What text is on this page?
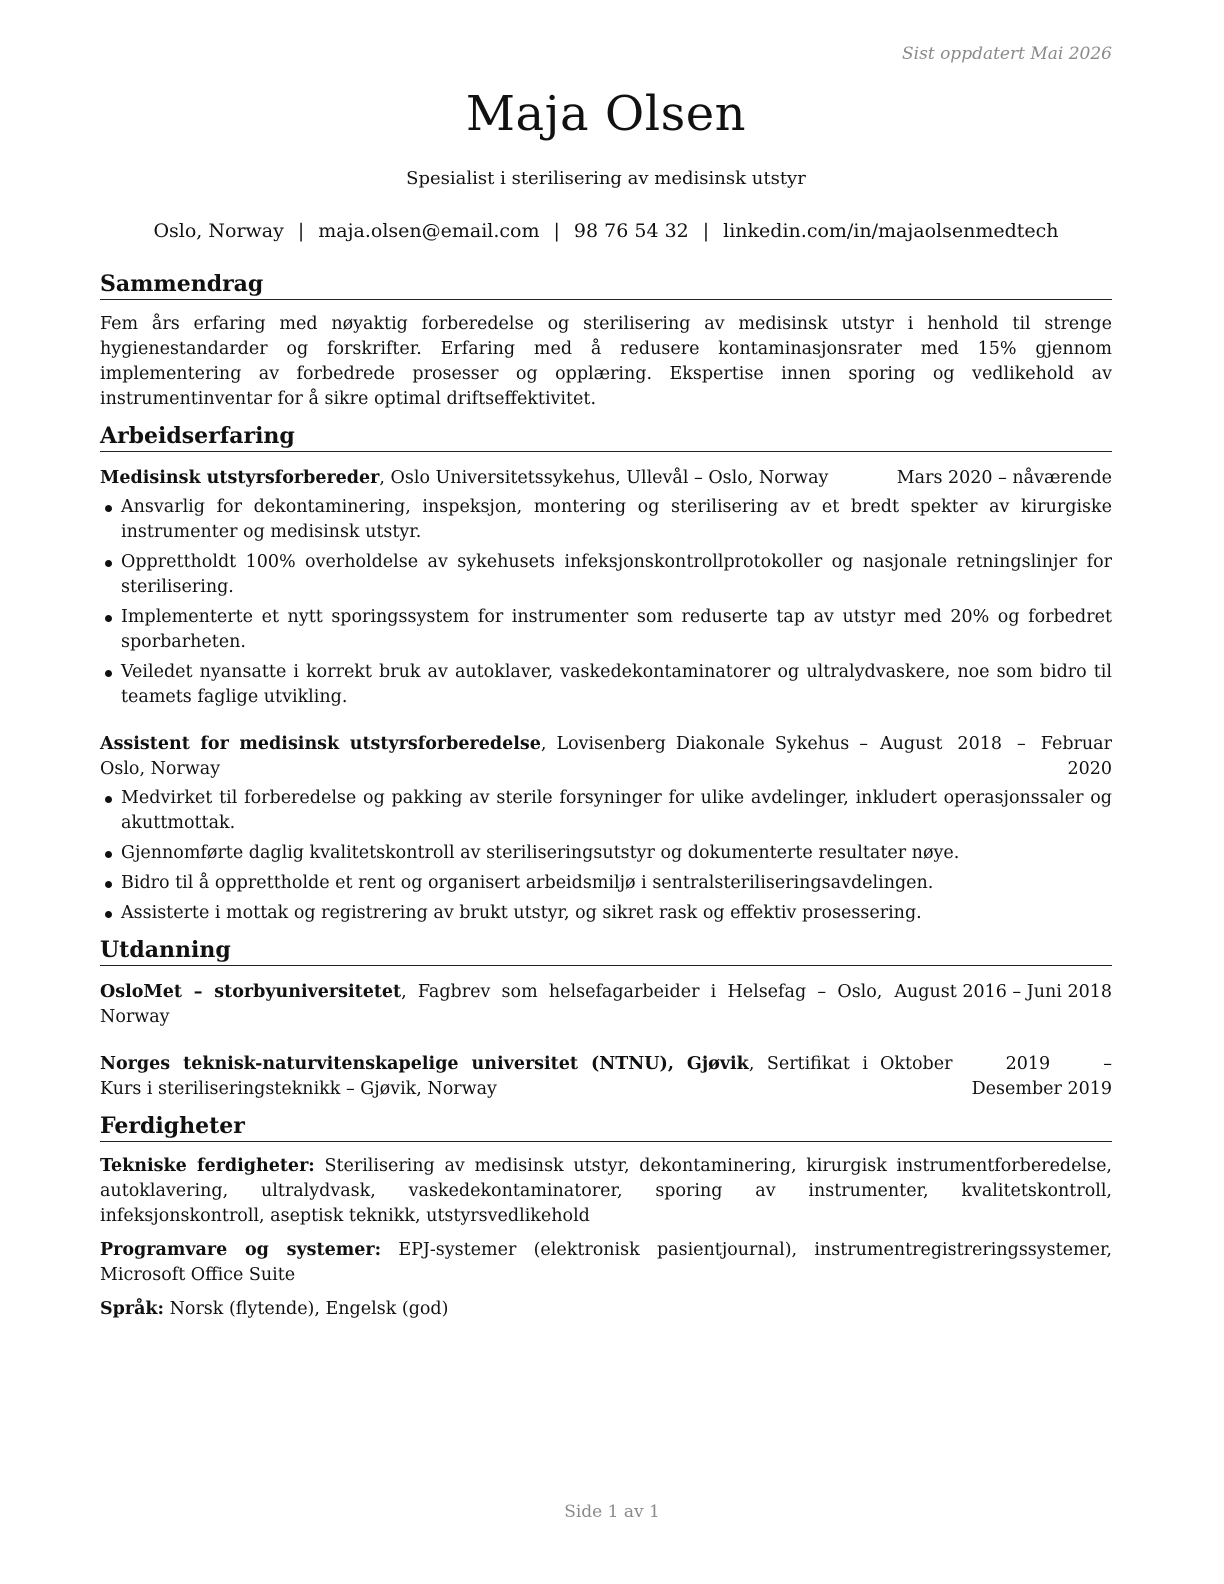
Sist oppdatert Mai 2026
Maja Olsen
Spesialist i sterilisering av medisinsk utstyr
Oslo, Norway | maja.olsen@email.com | 98 76 54 32 | linkedin.com/in/majaolsenmedtech
Sammendrag

Fem års erfaring med nøyaktig forberedelse og sterilisering av medisinsk utstyr i henhold til strenge hygienestandarder og forskrifter. Erfaring med å redusere kontaminasjonsrater med 15% gjennom implementering av forbedrede prosesser og opplæring. Ekspertise innen sporing og vedlikehold av instrumentinventar for å sikre optimal driftseffektivitet.

Arbeidserfaring
Medisinsk utstyrsforbereder, Oslo Universitetssykehus, Ullevål – Oslo, Norway	Mars 2020 – nåværende
Ansvarlig for dekontaminering, inspeksjon, montering og sterilisering av et bredt spekter av kirurgiske instrumenter og medisinsk utstyr.
Opprettholdt 100% overholdelse av sykehusets infeksjonskontrollprotokoller og nasjonale retningslinjer for sterilisering.
Implementerte et nytt sporingssystem for instrumenter som reduserte tap av utstyr med 20% og forbedret sporbarheten.
Veiledet nyansatte i korrekt bruk av autoklaver, vaskedekontaminatorer og ultralydvaskere, noe som bidro til teamets faglige utvikling.
Assistent for medisinsk utstyrsforberedelse, Lovisenberg Diakonale Sykehus – Oslo, Norway
August 2018 – Februar 2020
Medvirket til forberedelse og pakking av sterile forsyninger for ulike avdelinger, inkludert operasjonssaler og akuttmottak.
Gjennomførte daglig kvalitetskontroll av steriliseringsutstyr og dokumenterte resultater nøye.
Bidro til å opprettholde et rent og organisert arbeidsmiljø i sentralsteriliseringsavdelingen.
Assisterte i mottak og registrering av brukt utstyr, og sikret rask og effektiv prosessering.
Utdanning
OsloMet – storbyuniversitetet, Fagbrev som helsefagarbeider i Helsefag – Oslo, Norway
August 2016 – Juni 2018
Norges teknisk-naturvitenskapelige universitet (NTNU), Gjøvik, Sertifikat i Kurs i steriliseringsteknikk – Gjøvik, Norway
Oktober 2019 – Desember 2019
Ferdigheter
Tekniske ferdigheter: Sterilisering av medisinsk utstyr, dekontaminering, kirurgisk instrumentforberedelse, autoklavering, ultralydvask, vaskedekontaminatorer, sporing av instrumenter, kvalitetskontroll, infeksjonskontroll, aseptisk teknikk, utstyrsvedlikehold
Programvare og systemer: EPJ-systemer (elektronisk pasientjournal), instrumentregistreringssystemer, Microsoft Office Suite
Språk: Norsk (flytende), Engelsk (god)
Side 1 av 1
